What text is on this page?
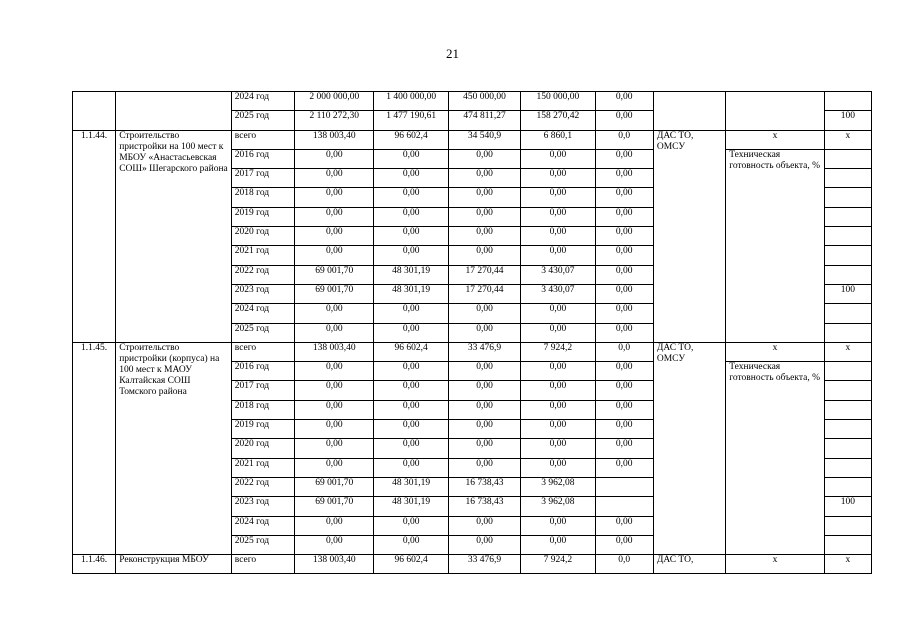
21
		2024 год	2 000 000,00	1 400 000,00	450 000,00	150 000,00	0,00			
		2025 год	2 110 272,30	1 477 190,61	474 811,27	158 270,42	0,00			100
1.1.44.	Строительство пристройки на 100 мест к МБОУ «Анастасьевская СОШ» Шегарского района	всего	138 003,40	96 602,4	34 540,9	6 860,1	0,0	ДАС ТО, ОМСУ	х	х
		2016 год	0,00	0,00	0,00	0,00	0,00		Техническая готовность объекта, %	
		2017 год	0,00	0,00	0,00	0,00	0,00			
		2018 год	0,00	0,00	0,00	0,00	0,00			
		2019 год	0,00	0,00	0,00	0,00	0,00			
		2020 год	0,00	0,00	0,00	0,00	0,00			
		2021 год	0,00	0,00	0,00	0,00	0,00			
		2022 год	69 001,70	48 301,19	17 270,44	3 430,07	0,00			
		2023 год	69 001,70	48 301,19	17 270,44	3 430,07	0,00			100
		2024 год	0,00	0,00	0,00	0,00	0,00			
		2025 год	0,00	0,00	0,00	0,00	0,00			
1.1.45.	Строительство пристройки (корпуса) на 100 мест к МАОУ Калтайская СОШ Томского района	всего	138 003,40	96 602,4	33 476,9	7 924,2	0,0	ДАС ТО, ОМСУ	х	х
		2016 год	0,00	0,00	0,00	0,00	0,00		Техническая готовность объекта, %	
		2017 год	0,00	0,00	0,00	0,00	0,00			
		2018 год	0,00	0,00	0,00	0,00	0,00			
		2019 год	0,00	0,00	0,00	0,00	0,00			
		2020 год	0,00	0,00	0,00	0,00	0,00			
		2021 год	0,00	0,00	0,00	0,00	0,00			
		2022 год	69 001,70	48 301,19	16 738,43	3 962,08				
		2023 год	69 001,70	48 301,19	16 738,43	3 962,08				100
		2024 год	0,00	0,00	0,00	0,00	0,00			
		2025 год	0,00	0,00	0,00	0,00	0,00			
1.1.46.	Реконструкция МБОУ	всего	138 003,40	96 602,4	33 476,9	7 924,2	0,0	ДАС ТО,	х	х
